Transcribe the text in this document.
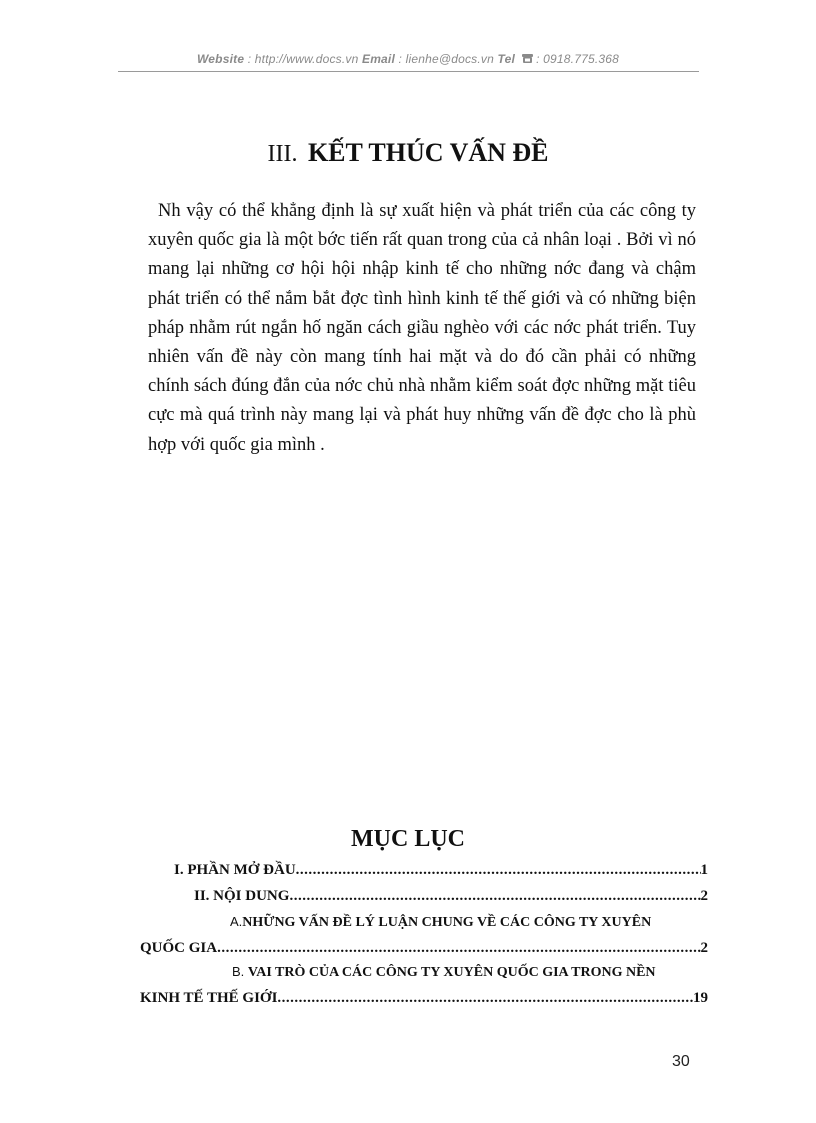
Website : http://www.docs.vn Email : lienhe@docs.vn Tel  : 0918.775.368
III. KẾT THÚC VẤN ĐỀ

Nh vậy có thể khẳng định là sự xuất hiện và phát triển của các công ty xuyên quốc gia là một bớc tiến rất quan trong của cả nhân loại . Bởi vì nó mang lại những cơ hội hội nhập kinh tế cho những nớc đang và chậm phát triển có thể nắm bắt đợc tình hình kinh tế thế giới và có những biện pháp nhằm rút ngắn hố ngăn cách giầu nghèo với các nớc phát triển. Tuy nhiên vấn đề này còn mang tính hai mặt và do đó cần phải có những chính sách đúng đắn của nớc chủ nhà nhằm kiểm soát đợc những mặt tiêu cực mà quá trình này mang lại và phát huy những vấn đề đợc cho là phù hợp với quốc gia mình .

MỤC LỤC
I. PHẦN MỞ ĐẦU .....	1
II. NỘI DUNG .....	2
A.NHỮNG VẤN ĐỀ LÝ LUẬN CHUNG VỀ CÁC CÔNG TY XUYÊN
QUỐC GIA .....	2
B. VAI TRÒ CỦA CÁC CÔNG TY XUYÊN QUỐC GIA TRONG NỀN
KINH TẾ THẾ GIỚI .....	19
30
